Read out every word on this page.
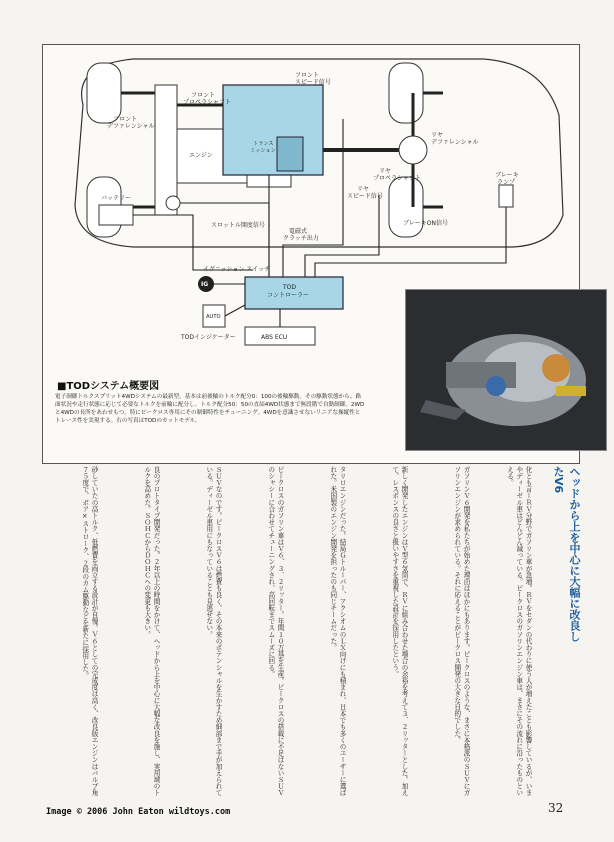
フロントプロペラシャフト
フロントスピード信号
フロントデファレンシャル
エンジン
トランスミッション
リヤデファレンシャル
リヤプロペラシャフト
リヤスピード信号
バッテリー
スロットル開度信号	ブレーキON信号
ブレーキランプ
電磁式クラッチ出力
イグニッション スイッチ
IG	TOD コントローラー
ABS ECU
AUTO
TODインジケーター
■TODシステム概要図
電子制御トルクスプリット4WDシステムの最新型。基本は前後輪のトルク配分0：100の後輪駆動。その駆動状態から、路面状況や走行状態に応じて必要なトルクを前輪に配分し、トルク配分50：50の直結4WD状態まで無段階で自動制御。2WDと4WDの長所をあわせもつ。特にピークロス専用にその制御特性をチューニング。4WDを意識させないリニアな操縦性とトレース性を実現する。右の写真はTODのカットモデル。
ヘッドから上を中心に大幅に改良したV6
化とも言ーＲＶ分野でガソリン車が急増。ＲＶをセダンの代わりに使う人が増えたことも影響しているが、いまやディーゼル車はどんどん減っている。ピークロスのガソリンエンジン車は、まさにその流れに沿ったものといえる。
ガソリンＶ６開発を私たちが始めた理由はほかにもあります。ピークロスのような、まさに本格派のＳＵＶにガソリンエンジンが求められている。それに応えることがピークロス開発の大きな目的でした。
新しく開発したエンジンはＶ型６気筒で、ＲＶに組み合わせた場合の余裕を考えて３．２リッターとした。加えて、レスポンスの良さと扱いやすさを重視した設計を採用したという。
タリロエンジンだった。結局Ｇトルーパー、アクシオムのＬＸ向けにも積まれ、日本でも多くのユーザーに選ばれた。米国製のエンジン開発を担ったのも同じチームだった。
ピークロスのガソリン車はＶ６、３．２リッター。年間１０万基を生産。ピークロスの搭載に不足はないＳＵＶのシャシーに合わせてチューニングされ、高回転までスムーズに回る。
ＳＵＶなのです。ピークロスＶ６は燃費も良く、その本来のポテンシャルを生かすため細部まで手が加えられている。ディーゼル車用にもなっていることも見逃せない。
良のプロトタイプ開発だった。２年以上の時間をかけて、ヘッドから上を中心に大幅な改良を施し、実用域のトルクを高めた。ＳＯＨＣからＤＯＨＣへの変更も大きい。
砂していたの高トルク、低燃費を両立する設計が自慢。Ｖ６としての完成度は高く、改良版エンジンはバルブ角７５度で、ボア×ストローク、２段のカム駆動などを新たに採用した。
Image © 2006 John Eaton wildtoys.com	32
